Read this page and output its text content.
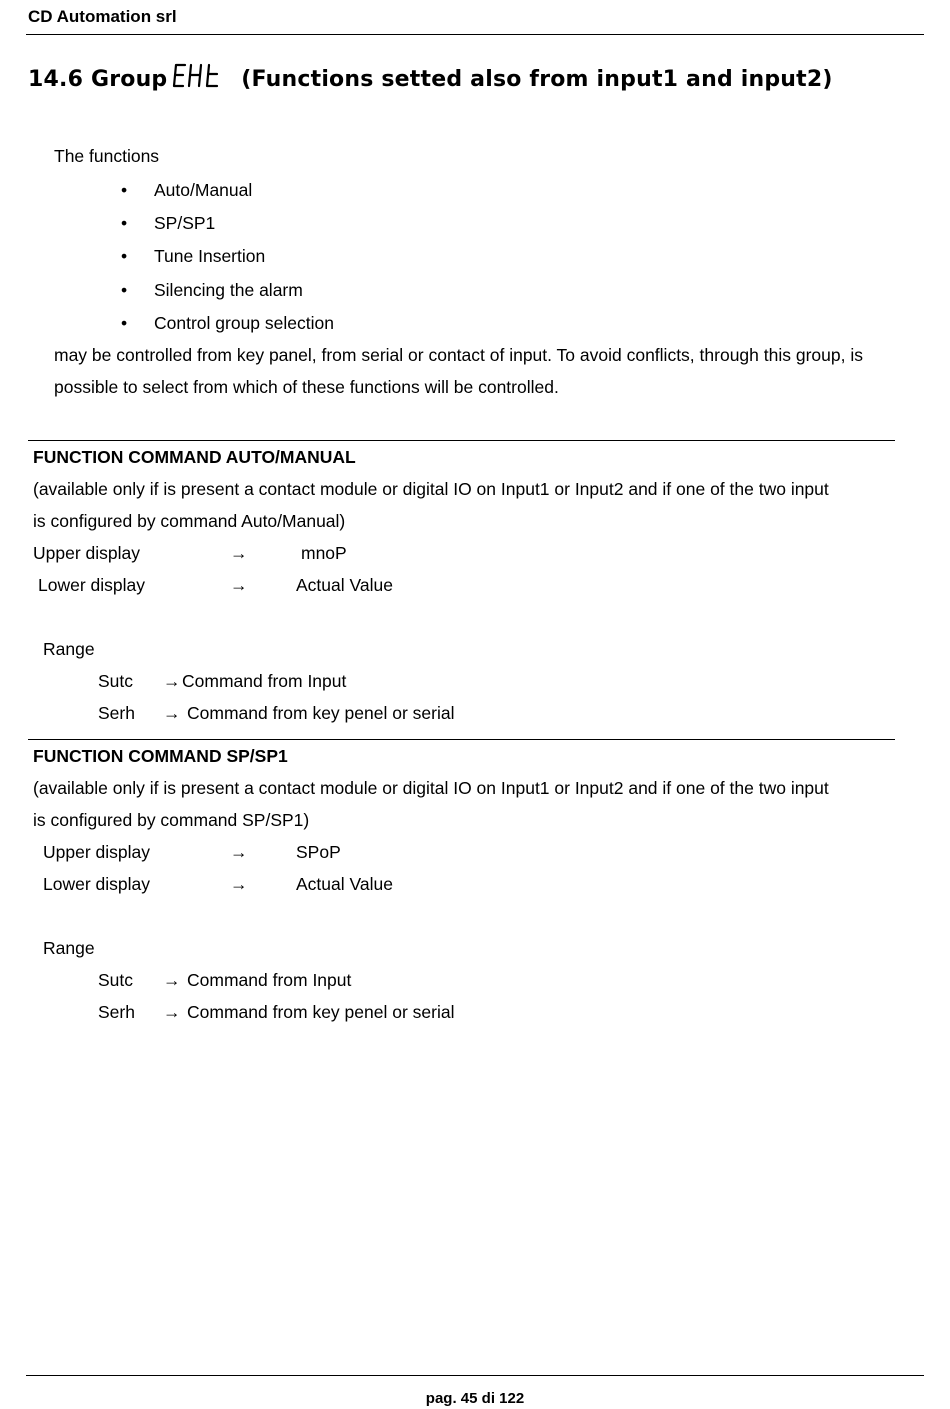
CD Automation srl
14.6 Group	(Functions setted also from input1 and input2)
The functions
• Auto/Manual
• SP/SP1
• Tune Insertion
• Silencing the alarm
• Control group selection
may be controlled from key panel, from serial or contact of input. To avoid conflicts, through this group, is
possible to select from which of these functions will be controlled.
FUNCTION COMMAND AUTO/MANUAL
(available only if is present a contact module or digital IO on Input1 or Input2 and if one of the two input
is configured by command Auto/Manual)
Upper display	→	mnoP
Lower display	→	Actual Value
Range
Sutc → Command from Input
Serh → Command from key penel or serial
FUNCTION COMMAND SP/SP1
(available only if is present a contact module or digital IO on Input1 or Input2 and if one of the two input
is configured by command SP/SP1)
Upper display	→	SPoP
Lower display	→	Actual Value
Range
Sutc → Command from Input
Serh → Command from key penel or serial
pag. 45 di 122
